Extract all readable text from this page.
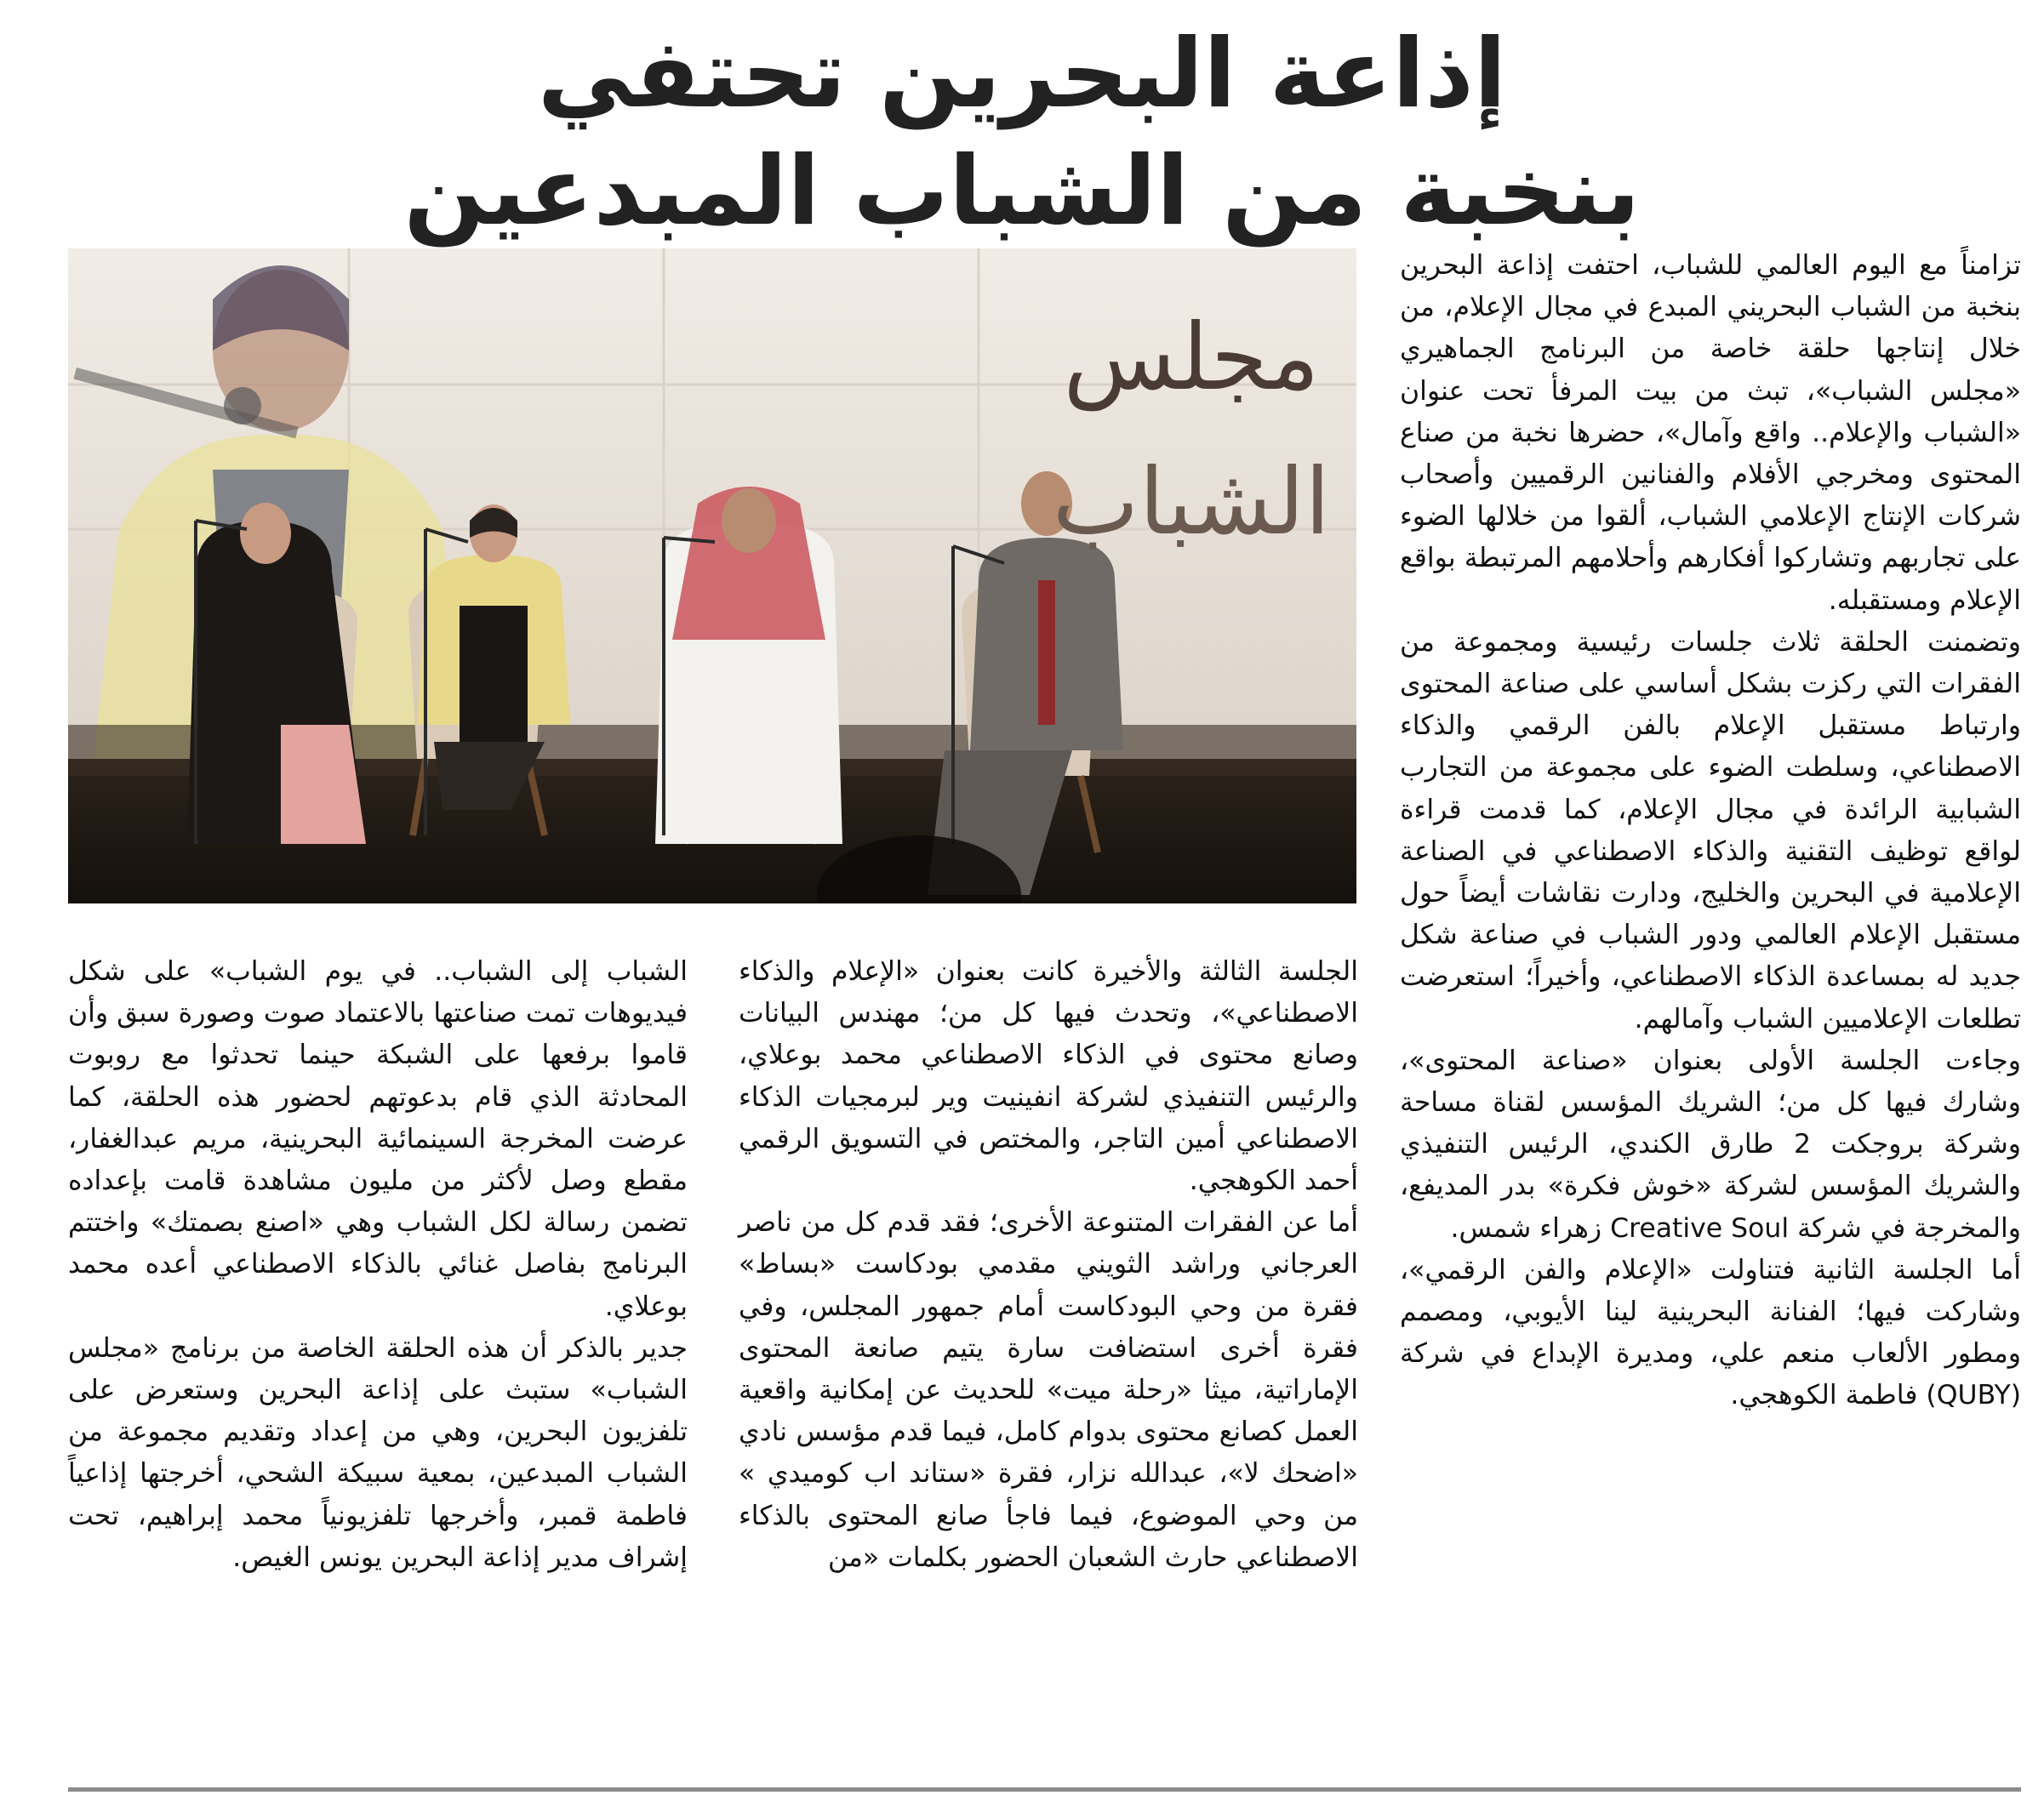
إذاعة البحرين تحتفي
بنخبة من الشباب المبدعين
مجلس
الشباب

تزامناً مع اليوم العالمي للشباب، احتفت إذاعة البحرين بنخبة من الشباب البحريني المبدع في مجال الإعلام، من خلال إنتاجها حلقة خاصة من البرنامج الجماهيري «مجلس الشباب»، تبث من بيت المرفأ تحت عنوان «الشباب والإعلام.. واقع وآمال»، حضرها نخبة من صناع المحتوى ومخرجي الأفلام والفنانين الرقميين وأصحاب شركات الإنتاج الإعلامي الشباب، ألقوا من خلالها الضوء على تجاربهم وتشاركوا أفكارهم وأحلامهم المرتبطة بواقع الإعلام ومستقبله.

وتضمنت الحلقة ثلاث جلسات رئيسية ومجموعة من الفقرات التي ركزت بشكل أساسي على صناعة المحتوى وارتباط مستقبل الإعلام بالفن الرقمي والذكاء الاصطناعي، وسلطت الضوء على مجموعة من التجارب الشبابية الرائدة في مجال الإعلام، كما قدمت قراءة لواقع توظيف التقنية والذكاء الاصطناعي في الصناعة الإعلامية في البحرين والخليج، ودارت نقاشات أيضاً حول مستقبل الإعلام العالمي ودور الشباب في صناعة شكل جديد له بمساعدة الذكاء الاصطناعي، وأخيراً؛ استعرضت تطلعات الإعلاميين الشباب وآمالهم.

وجاءت الجلسة الأولى بعنوان «صناعة المحتوى»، وشارك فيها كل من؛ الشريك المؤسس لقناة مساحة وشركة بروجكت 2 طارق الكندي، الرئيس التنفيذي والشريك المؤسس لشركة «خوش فكرة» بدر المديفع، والمخرجة في شركة Creative Soul زهراء شمس.

أما الجلسة الثانية فتناولت «الإعلام والفن الرقمي»، وشاركت فيها؛ الفنانة البحرينية لينا الأيوبي، ومصمم ومطور الألعاب منعم علي، ومديرة الإبداع في شركة (QUBY) فاطمة الكوهجي.

الجلسة الثالثة والأخيرة كانت بعنوان «الإعلام والذكاء الاصطناعي»، وتحدث فيها كل من؛ مهندس البيانات وصانع محتوى في الذكاء الاصطناعي محمد بوعلاي، والرئيس التنفيذي لشركة انفينيت وير لبرمجيات الذكاء الاصطناعي أمين التاجر، والمختص في التسويق الرقمي أحمد الكوهجي.

أما عن الفقرات المتنوعة الأخرى؛ فقد قدم كل من ناصر العرجاني وراشد الثويني مقدمي بودكاست «بساط» فقرة من وحي البودكاست أمام جمهور المجلس، وفي فقرة أخرى استضافت سارة يتيم صانعة المحتوى الإماراتية، ميثا «رحلة ميت» للحديث عن إمكانية واقعية العمل كصانع محتوى بدوام كامل، فيما قدم مؤسس نادي «اضحك لا»، عبدالله نزار، فقرة «ستاند اب كوميدي » من وحي الموضوع، فيما فاجأ صانع المحتوى بالذكاء الاصطناعي حارث الشعبان الحضور بكلمات «من

الشباب إلى الشباب.. في يوم الشباب» على شكل فيديوهات تمت صناعتها بالاعتماد صوت وصورة سبق وأن قاموا برفعها على الشبكة حينما تحدثوا مع روبوت المحادثة الذي قام بدعوتهم لحضور هذه الحلقة، كما عرضت المخرجة السينمائية البحرينية، مريم عبدالغفار، مقطع وصل لأكثر من مليون مشاهدة قامت بإعداده تضمن رسالة لكل الشباب وهي «اصنع بصمتك» واختتم البرنامج بفاصل غنائي بالذكاء الاصطناعي أعده محمد بوعلاي.

جدير بالذكر أن هذه الحلقة الخاصة من برنامج «مجلس الشباب» ستبث على إذاعة البحرين وستعرض على تلفزيون البحرين، وهي من إعداد وتقديم مجموعة من الشباب المبدعين، بمعية سبيكة الشحي، أخرجتها إذاعياً فاطمة قمبر، وأخرجها تلفزيونياً محمد إبراهيم، تحت إشراف مدير إذاعة البحرين يونس الغيص.
